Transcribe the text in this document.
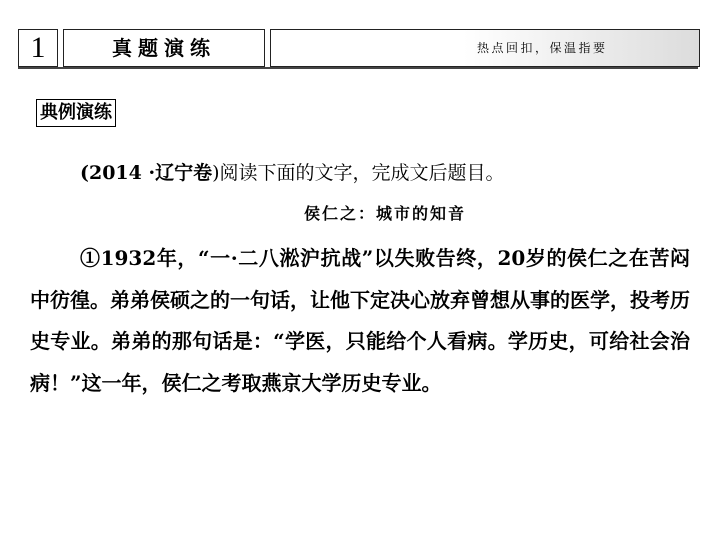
1	真题演练	热点回扣，保温指要
典例演练
(2014 ·辽宁卷)阅读下面的文字，完成文后题目。
侯仁之：城市的知音
①1932年，“一·二八淞沪抗战”以失败告终，20岁的侯仁之在苦闷中彷徨。弟弟侯硕之的一句话，让他下定决心放弃曾想从事的医学，投考历史专业。弟弟的那句话是：“学医，只能给个人看病。学历史，可给社会治病！”这一年，侯仁之考取燕京大学历史专业。
